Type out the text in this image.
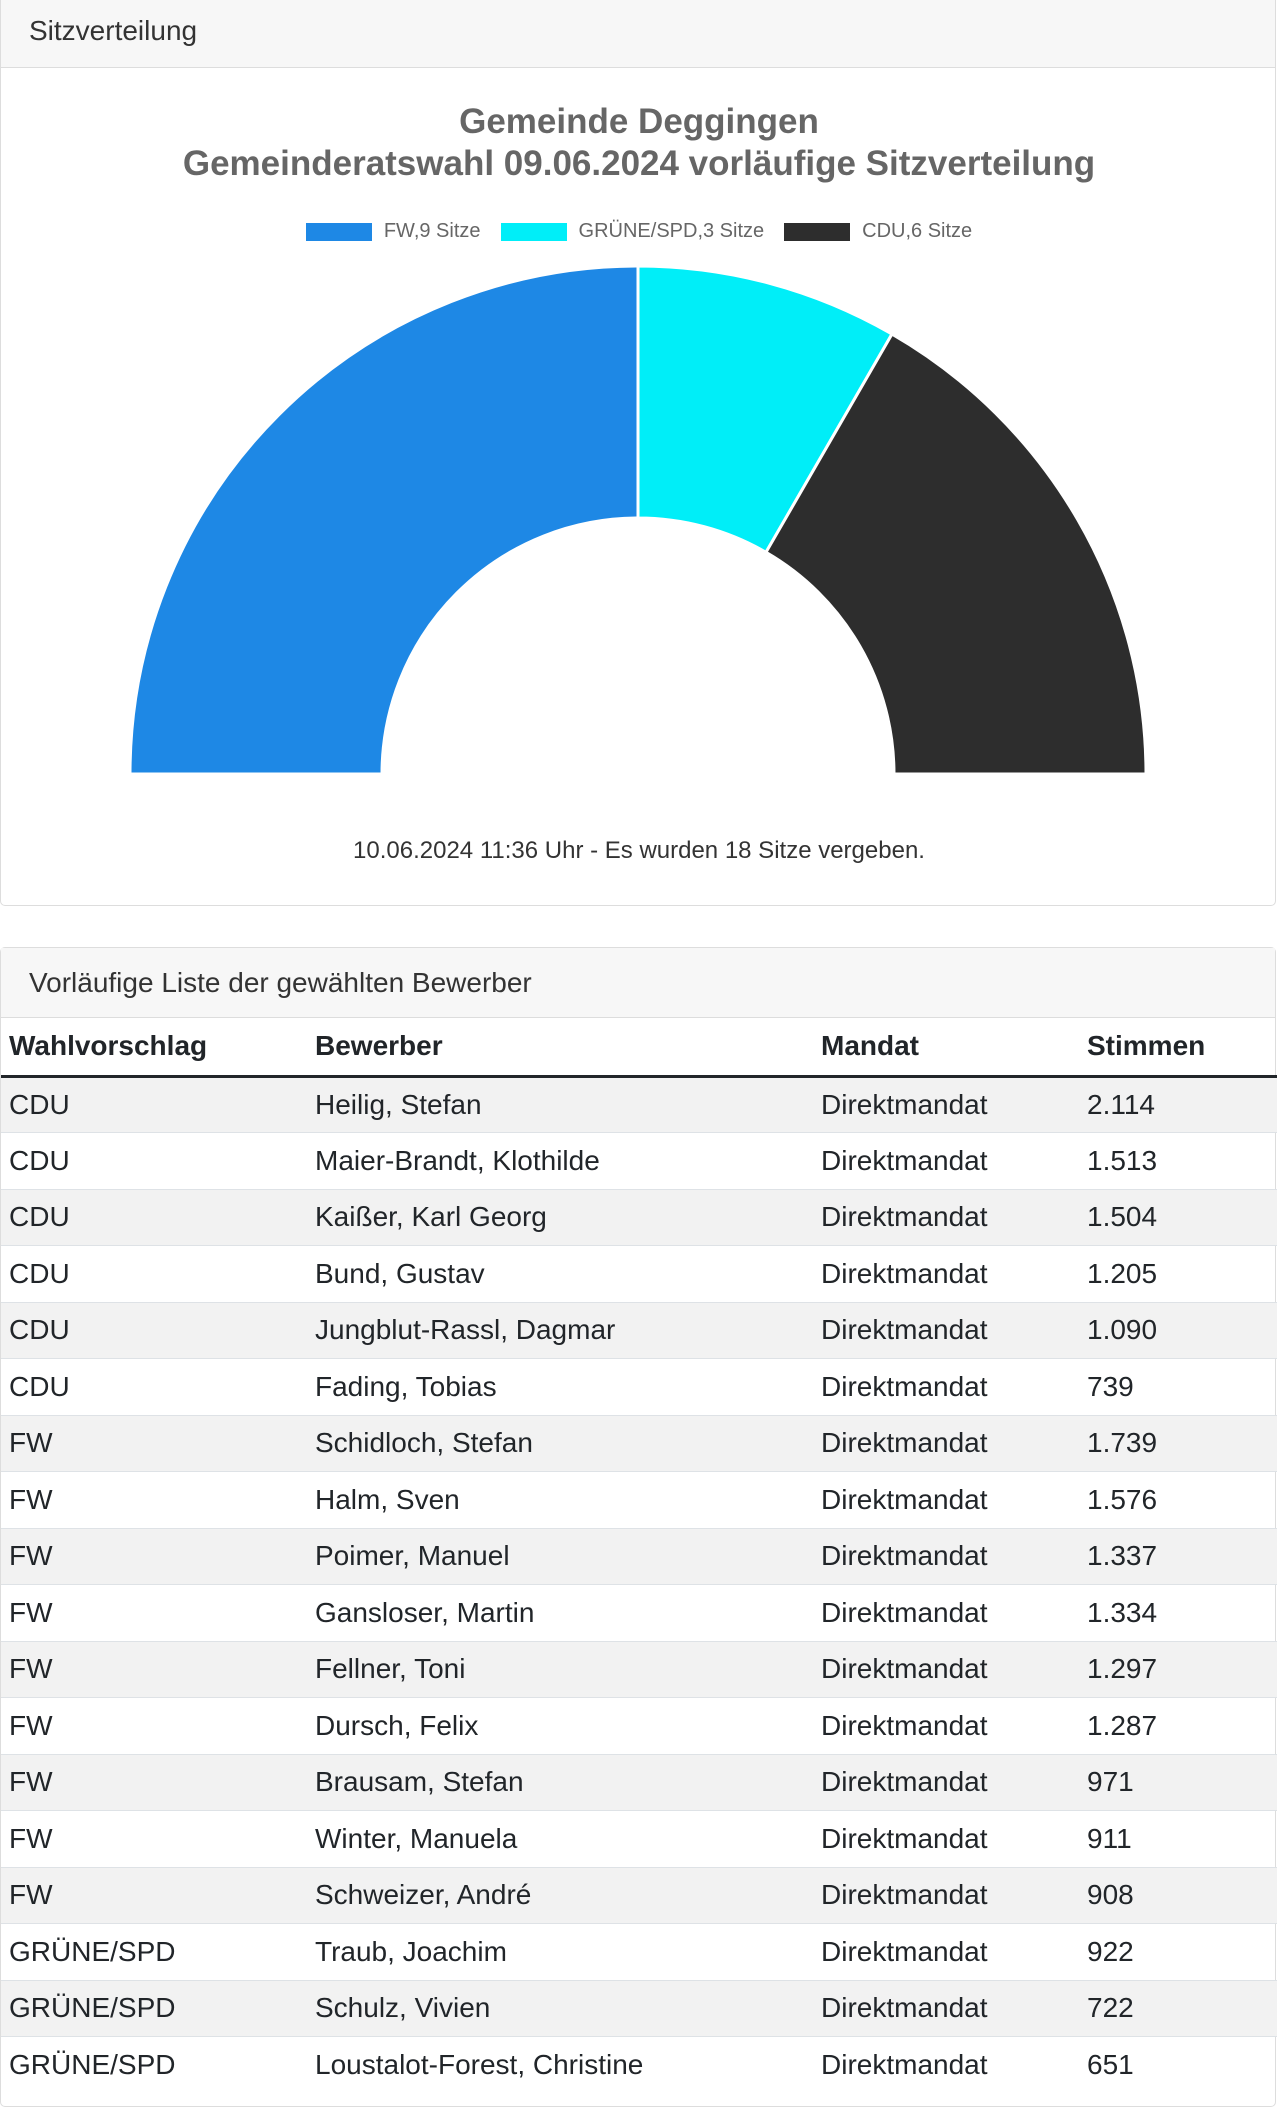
Sitzverteilung
Gemeinde Deggingen
Gemeinderatswahl 09.06.2024 vorläufige Sitzverteilung
FW,9 Sitze	GRÜNE/SPD,3 Sitze	CDU,6 Sitze
10.06.2024 11:36 Uhr - Es wurden 18 Sitze vergeben.
Vorläufige Liste der gewählten Bewerber
Wahlvorschlag	Bewerber	Mandat	Stimmen
CDU	Heilig, Stefan	Direktmandat	2.114
CDU	Maier-Brandt, Klothilde	Direktmandat	1.513
CDU	Kaißer, Karl Georg	Direktmandat	1.504
CDU	Bund, Gustav	Direktmandat	1.205
CDU	Jungblut-Rassl, Dagmar	Direktmandat	1.090
CDU	Fading, Tobias	Direktmandat	739
FW	Schidloch, Stefan	Direktmandat	1.739
FW	Halm, Sven	Direktmandat	1.576
FW	Poimer, Manuel	Direktmandat	1.337
FW	Gansloser, Martin	Direktmandat	1.334
FW	Fellner, Toni	Direktmandat	1.297
FW	Dursch, Felix	Direktmandat	1.287
FW	Brausam, Stefan	Direktmandat	971
FW	Winter, Manuela	Direktmandat	911
FW	Schweizer, André	Direktmandat	908
GRÜNE/SPD	Traub, Joachim	Direktmandat	922
GRÜNE/SPD	Schulz, Vivien	Direktmandat	722
GRÜNE/SPD	Loustalot-Forest, Christine	Direktmandat	651
